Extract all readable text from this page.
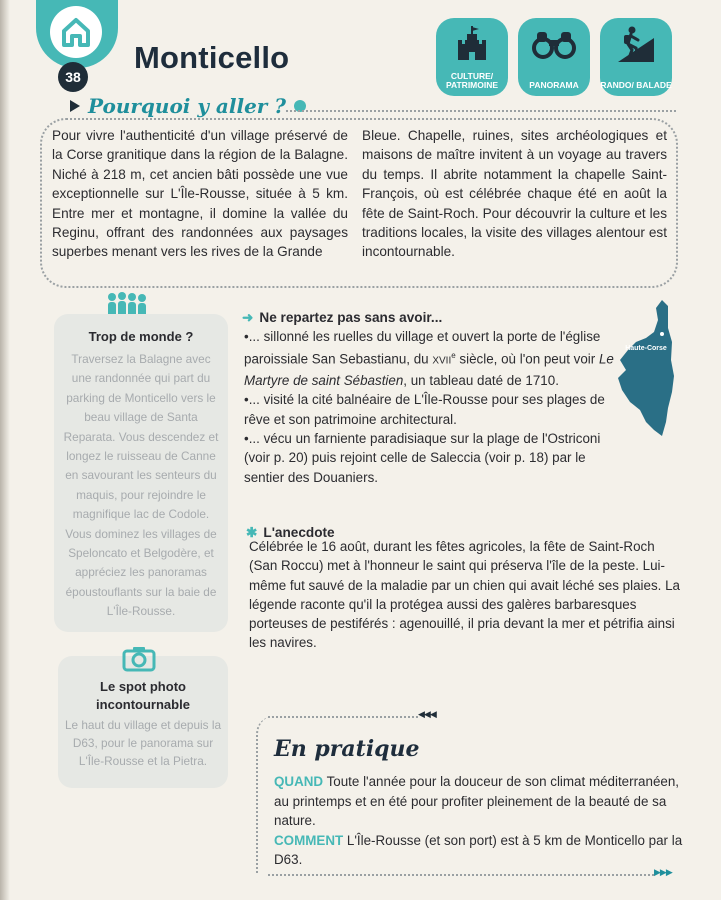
38
Monticello
CULTURE/ PATRIMOINE	PANORAMA	RANDO/ BALADE
Pourquoi y aller ?
Pour vivre l'authenticité d'un village préservé de la Corse granitique dans la région de la Balagne. Niché à 218 m, cet ancien bâti possède une vue exceptionnelle sur L'Île-Rousse, située à 5 km. Entre mer et montagne, il domine la vallée du Reginu, offrant des randonnées aux paysages superbes menant vers les rives de la Grande
Bleue. Chapelle, ruines, sites archéologiques et maisons de maître invitent à un voyage au travers du temps. Il abrite notamment la chapelle Saint-François, où est célébrée chaque été en août la fête de Saint-Roch. Pour découvrir la culture et les traditions locales, la visite des villages alentour est incontournable.
Trop de monde ?
Traversez la Balagne avec une randonnée qui part du parking de Monticello vers le beau village de Santa Reparata. Vous descendez et longez le ruisseau de Canne en savourant les senteurs du maquis, pour rejoindre le magnifique lac de Codole. Vous dominez les villages de Speloncato et Belgodère, et appréciez les panoramas époustouflants sur la baie de L'Île-Rousse.
Le spot photo incontournable
Le haut du village et depuis la D63, pour le panorama sur L'Île-Rousse et la Pietra.
➜ Ne repartez pas sans avoir...
•... sillonné les ruelles du village et ouvert la porte de l'église paroissiale San Sebastianu, du XVIIe siècle, où l'on peut voir Le Martyre de saint Sébastien, un tableau daté de 1710.
•... visité la cité balnéaire de L'Île-Rousse pour ses plages de rêve et son patrimoine architectural.
•... vécu un farniente paradisiaque sur la plage de l'Ostriconi (voir p. 20) puis rejoint celle de Saleccia (voir p. 18) par le sentier des Douaniers.
Haute-Corse
✱ L'anecdote
Célébrée le 16 août, durant les fêtes agricoles, la fête de Saint-Roch (San Roccu) met à l'honneur le saint qui préserva l'île de la peste. Lui-même fut sauvé de la maladie par un chien qui avait léché ses plaies. La légende raconte qu'il la protégea aussi des galères barbaresques porteuses de pestiférés : agenouillé, il pria devant la mer et pétrifia ainsi les navires.
◀◀◀
En pratique
QUAND Toute l'année pour la douceur de son climat méditerranéen, au printemps et en été pour profiter pleinement de la beauté de sa nature.
COMMENT L'Île-Rousse (et son port) est à 5 km de Monticello par la D63.
▶▶▶
